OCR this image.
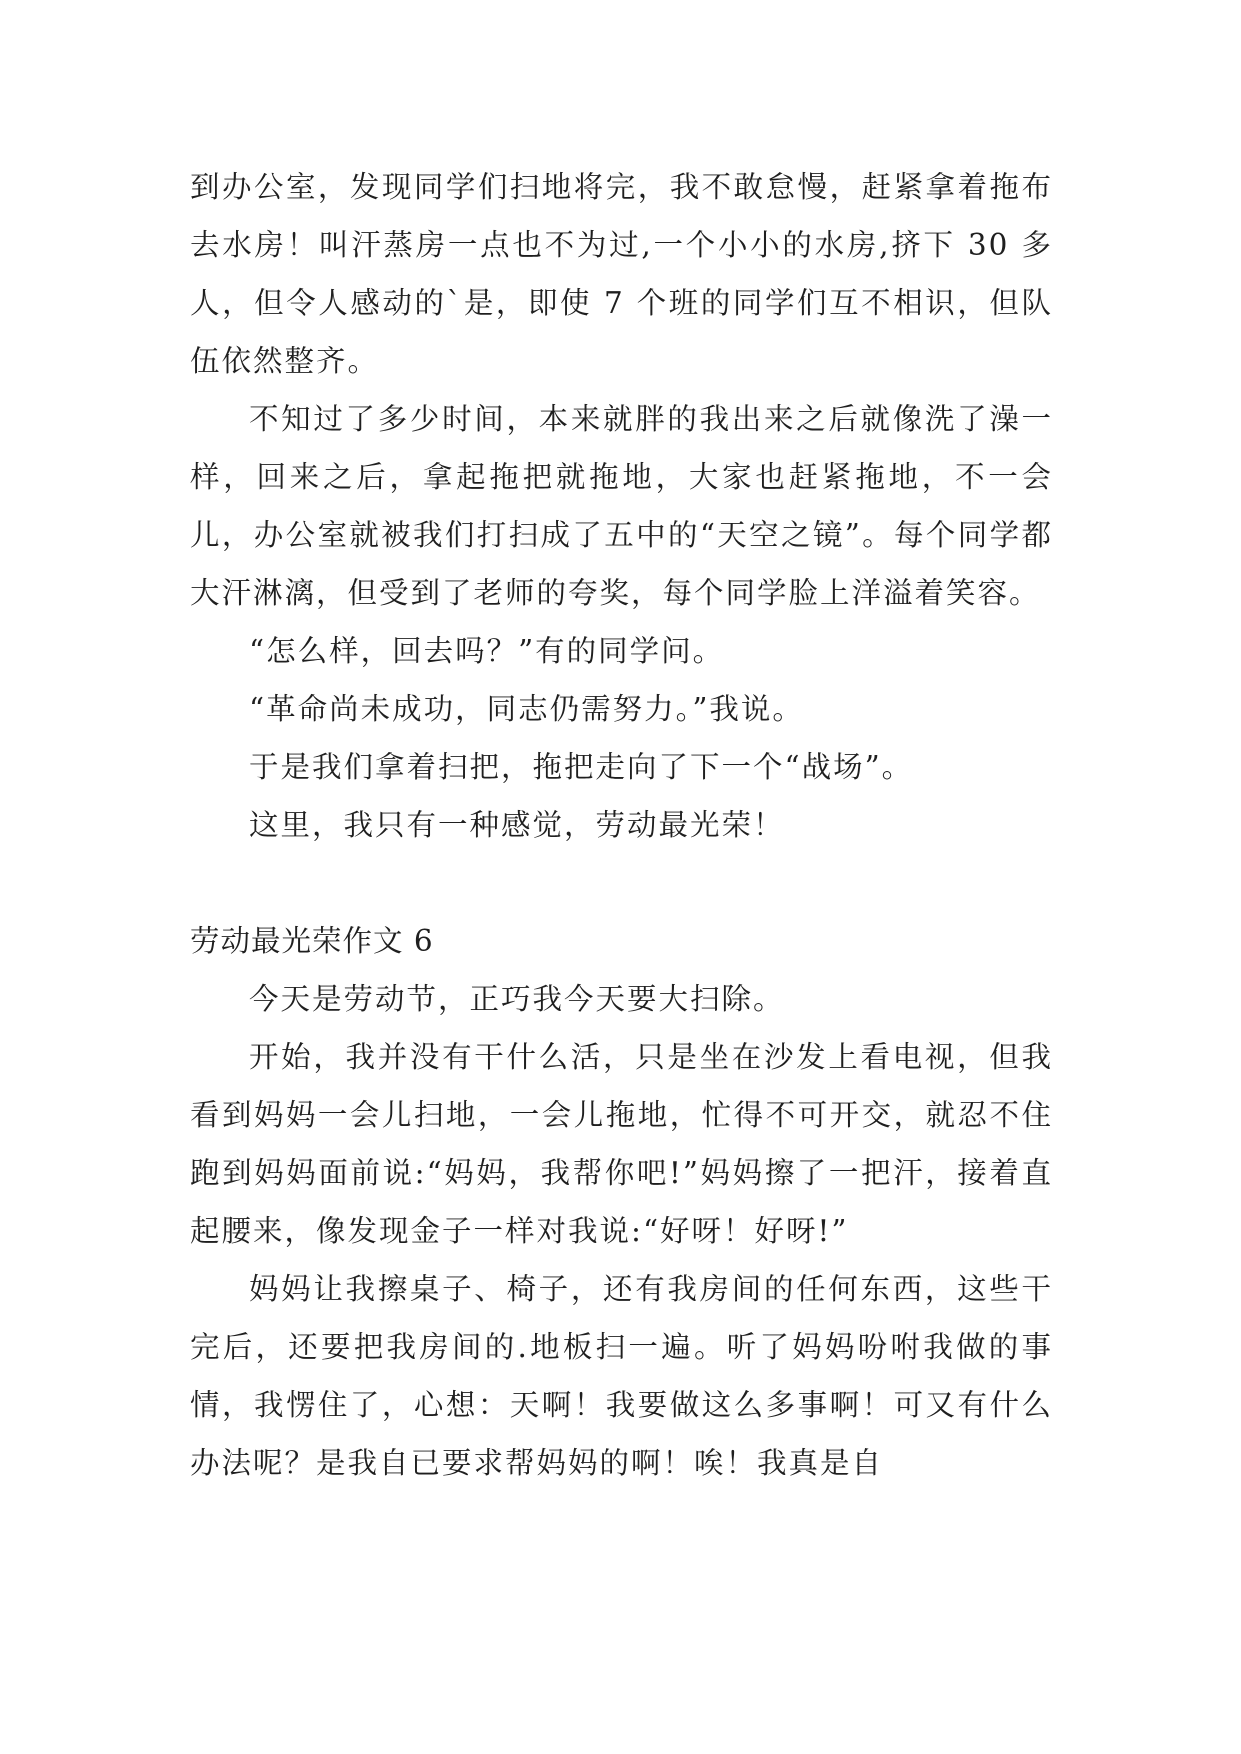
到办公室，发现同学们扫地将完，我不敢怠慢，赶紧拿着拖布去水房！叫汗蒸房一点也不为过,一个小小的水房,挤下 30 多人，但令人感动的`是，即使 7 个班的同学们互不相识，但队伍依然整齐。

不知过了多少时间，本来就胖的我出来之后就像洗了澡一样，回来之后，拿起拖把就拖地，大家也赶紧拖地，不一会儿，办公室就被我们打扫成了五中的“天空之镜”。每个同学都大汗淋漓，但受到了老师的夸奖，每个同学脸上洋溢着笑容。

“怎么样，回去吗？”有的同学问。

“革命尚未成功，同志仍需努力。”我说。

于是我们拿着扫把，拖把走向了下一个“战场”。

这里，我只有一种感觉，劳动最光荣！

劳动最光荣作文 6

今天是劳动节，正巧我今天要大扫除。

开始，我并没有干什么活，只是坐在沙发上看电视，但我看到妈妈一会儿扫地，一会儿拖地，忙得不可开交，就忍不住跑到妈妈面前说:“妈妈，我帮你吧!”妈妈擦了一把汗，接着直起腰来，像发现金子一样对我说:“好呀！好呀!”

妈妈让我擦桌子、椅子，还有我房间的任何东西，这些干完后，还要把我房间的.地板扫一遍。听了妈妈吩咐我做的事情，我愣住了，心想：天啊！我要做这么多事啊！可又有什么办法呢？是我自已要求帮妈妈的啊！唉！我真是自
